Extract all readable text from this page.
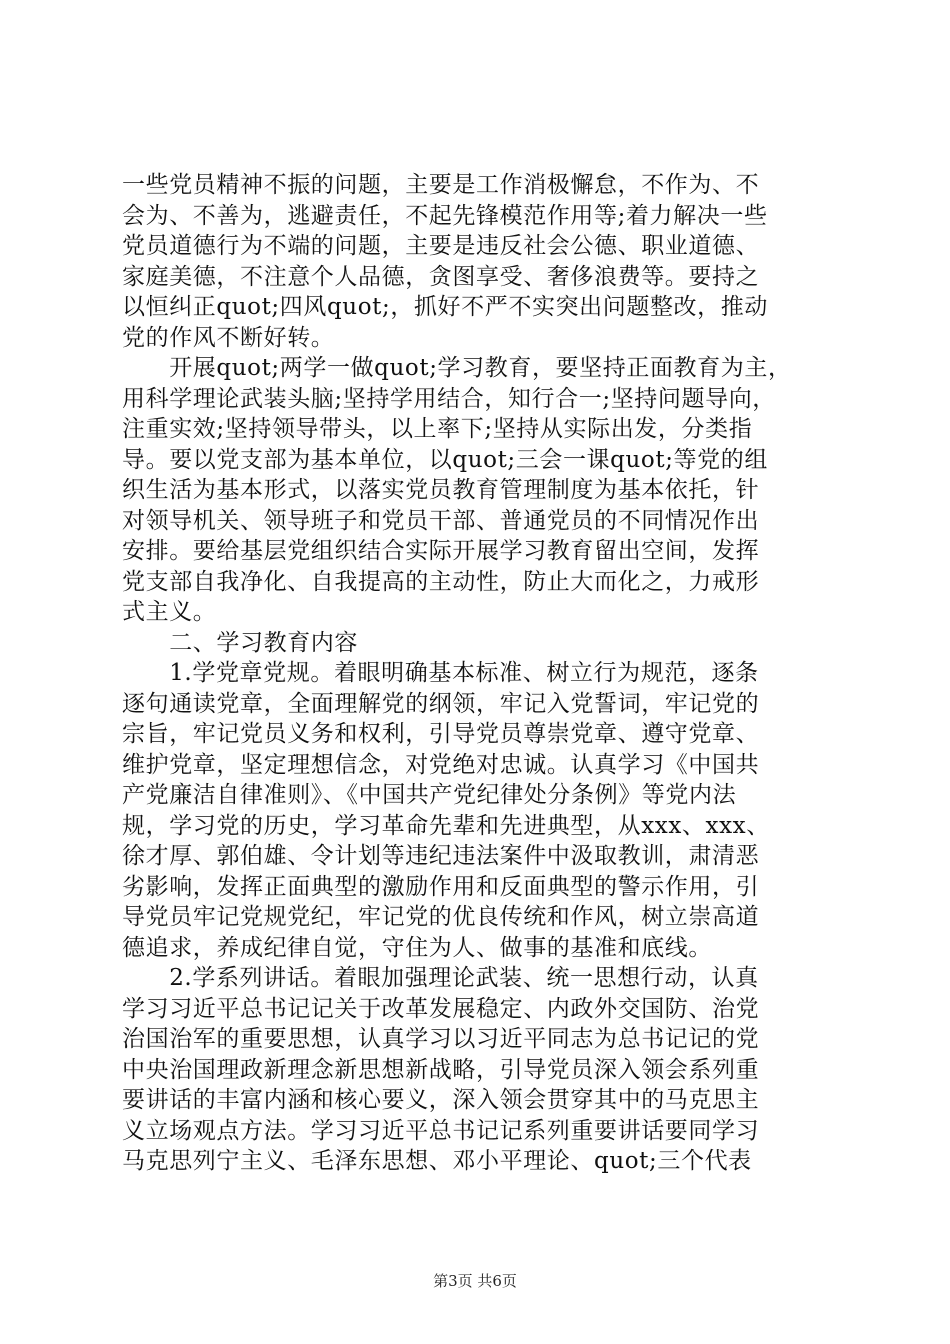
一些党员精神不振的问题，主要是工作消极懈怠，不作为、不
会为、不善为，逃避责任，不起先锋模范作用等;着力解决一些
党员道德行为不端的问题，主要是违反社会公德、职业道德、
家庭美德，不注意个人品德，贪图享受、奢侈浪费等。要持之
以恒纠正quot;四风quot;，抓好不严不实突出问题整改，推动
党的作风不断好转。
　　开展quot;两学一做quot;学习教育，要坚持正面教育为主，
用科学理论武装头脑;坚持学用结合，知行合一;坚持问题导向，
注重实效;坚持领导带头，以上率下;坚持从实际出发，分类指
导。要以党支部为基本单位，以quot;三会一课quot;等党的组
织生活为基本形式，以落实党员教育管理制度为基本依托，针
对领导机关、领导班子和党员干部、普通党员的不同情况作出
安排。要给基层党组织结合实际开展学习教育留出空间，发挥
党支部自我净化、自我提高的主动性，防止大而化之，力戒形
式主义。
　　二、学习教育内容
　　1.学党章党规。着眼明确基本标准、树立行为规范，逐条
逐句通读党章，全面理解党的纲领，牢记入党誓词，牢记党的
宗旨，牢记党员义务和权利，引导党员尊崇党章、遵守党章、
维护党章，坚定理想信念，对党绝对忠诚。认真学习《中国共
产党廉洁自律准则》、《中国共产党纪律处分条例》等党内法
规，学习党的历史，学习革命先辈和先进典型，从xxx、xxx、
徐才厚、郭伯雄、令计划等违纪违法案件中汲取教训，肃清恶
劣影响，发挥正面典型的激励作用和反面典型的警示作用，引
导党员牢记党规党纪，牢记党的优良传统和作风，树立崇高道
德追求，养成纪律自觉，守住为人、做事的基准和底线。
　　2.学系列讲话。着眼加强理论武装、统一思想行动，认真
学习习近平总书记记关于改革发展稳定、内政外交国防、治党
治国治军的重要思想，认真学习以习近平同志为总书记记的党
中央治国理政新理念新思想新战略，引导党员深入领会系列重
要讲话的丰富内涵和核心要义，深入领会贯穿其中的马克思主
义立场观点方法。学习习近平总书记记系列重要讲话要同学习
马克思列宁主义、毛泽东思想、邓小平理论、quot;三个代表
第3页 共6页
